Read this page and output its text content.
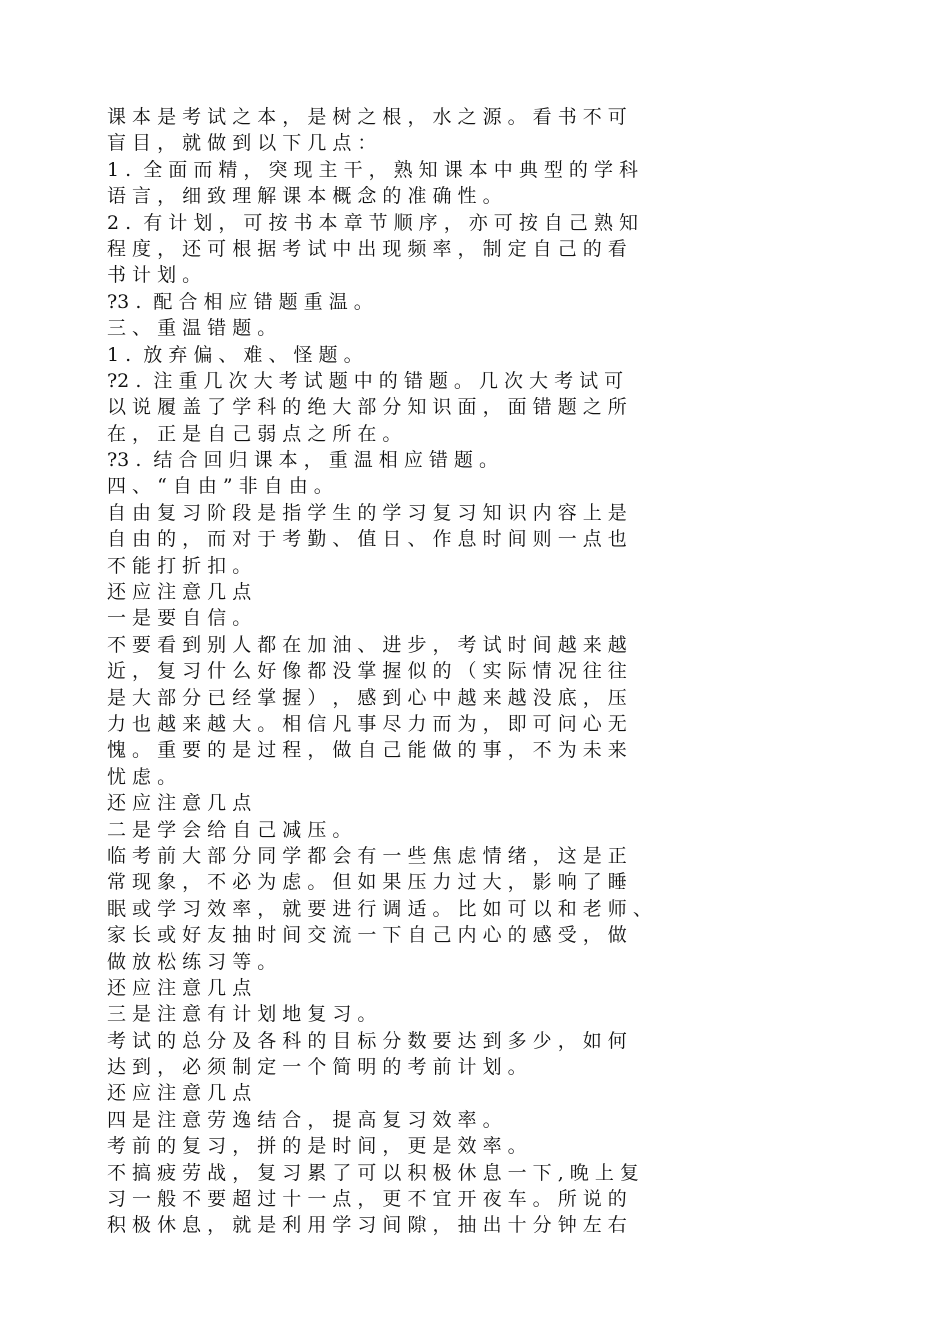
课 本 是 考 试 之 本 ， 是 树 之 根 ， 水 之 源 。 看 书 不 可
盲 目 ， 就 做 到 以 下 几 点 ：
1 .  全 面 而 精 ， 突 现 主 干 ， 熟 知 课 本 中 典 型 的 学 科
语 言 ， 细 致 理 解 课 本 概 念 的 准 确 性 。
2 .  有 计 划 ， 可 按 书 本 章 节 顺 序 ， 亦 可 按 自 己 熟 知
程 度 ， 还 可 根 据 考 试 中 出 现 频 率 ， 制 定 自 己 的 看
书 计 划 。
?3 .  配 合 相 应 错 题 重 温 。
三 、 重 温 错 题 。
1 .  放 弃 偏 、 难 、 怪 题 。
?2 .  注 重 几 次 大 考 试 题 中 的 错 题 。 几 次 大 考 试 可
以 说 履 盖 了 学 科 的 绝 大 部 分 知 识 面 ， 面 错 题 之 所
在 ， 正 是 自 己 弱 点 之 所 在 。
?3 .  结 合 回 归 课 本 ， 重 温 相 应 错 题 。
四 、 “ 自 由 ” 非 自 由 。
自 由 复 习 阶 段 是 指 学 生 的 学 习 复 习 知 识 内 容 上 是
自 由 的 ， 而 对 于 考 勤 、 值 日 、 作 息 时 间 则 一 点 也
不 能 打 折 扣 。
还 应 注 意 几 点
一 是 要 自 信 。
不 要 看 到 别 人 都 在 加 油 、 进 步 ， 考 试 时 间 越 来 越
近 ， 复 习 什 么 好 像 都 没 掌 握 似 的 （ 实 际 情 况 往 往
是 大 部 分 已 经 掌 握 ） ， 感 到 心 中 越 来 越 没 底 ， 压
力 也 越 来 越 大 。 相 信 凡 事 尽 力 而 为 ， 即 可 问 心 无
愧 。 重 要 的 是 过 程 ， 做 自 己 能 做 的 事 ， 不 为 未 来
忧 虑 。
还 应 注 意 几 点
二 是 学 会 给 自 己 减 压 。
临 考 前 大 部 分 同 学 都 会 有 一 些 焦 虑 情 绪 ， 这 是 正
常 现 象 ， 不 必 为 虑 。 但 如 果 压 力 过 大 ， 影 响 了 睡
眠 或 学 习 效 率 ， 就 要 进 行 调 适 。 比 如 可 以 和 老 师 、
家 长 或 好 友 抽 时 间 交 流 一 下 自 己 内 心 的 感 受 ， 做
做 放 松 练 习 等 。
还 应 注 意 几 点
三 是 注 意 有 计 划 地 复 习 。
考 试 的 总 分 及 各 科 的 目 标 分 数 要 达 到 多 少 ， 如 何
达 到 ， 必 须 制 定 一 个 简 明 的 考 前 计 划 。
还 应 注 意 几 点
四 是 注 意 劳 逸 结 合 ， 提 高 复 习 效 率 。
考 前 的 复 习 ， 拼 的 是 时 间 ， 更 是 效 率 。
不 搞 疲 劳 战 ， 复 习 累 了 可 以 积 极 休 息 一 下 , 晚 上 复
习 一 般 不 要 超 过 十 一 点 ， 更 不 宜 开 夜 车 。 所 说 的
积 极 休 息 ， 就 是 利 用 学 习 间 隙 ， 抽 出 十 分 钟 左 右
